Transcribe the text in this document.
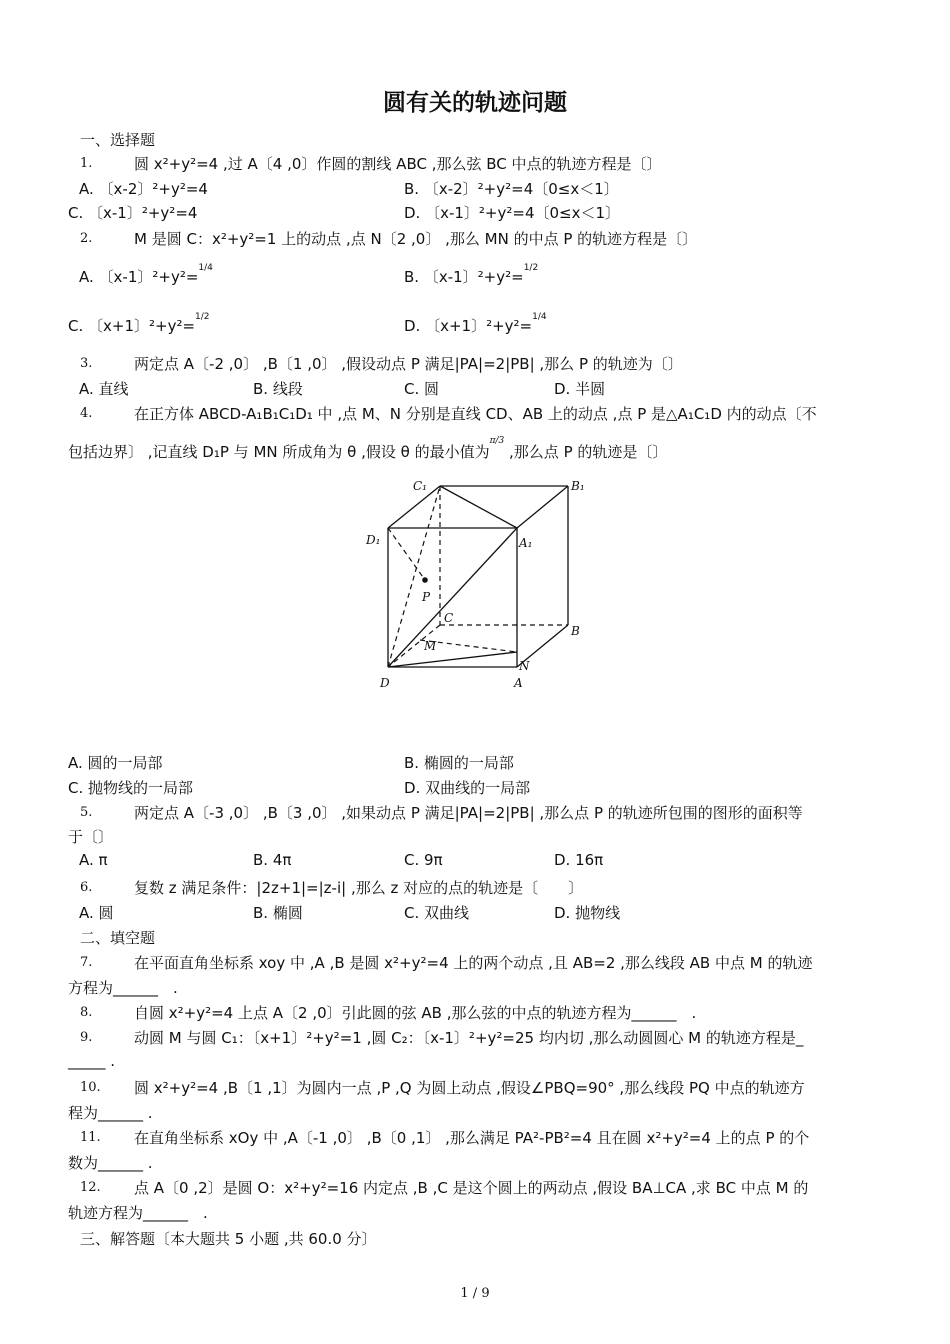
圆有关的轨迹问题
一、选择题
1.	圆 x²+y²=4 ,过 A〔4 ,0〕作圆的割线 ABC ,那么弦 BC 中点的轨迹方程是〔〕
A. 〔x-2〕²+y²=4	B. 〔x-2〕²+y²=4〔0≤x＜1〕
C. 〔x-1〕²+y²=4	D. 〔x-1〕²+y²=4〔0≤x＜1〕
2.	M 是圆 C：x²+y²=1 上的动点 ,点 N〔2 ,0〕 ,那么 MN 的中点 P 的轨迹方程是〔〕
A. 〔x-1〕²+y²=$^{1/4}$	B. 〔x-1〕²+y²=$^{1/2}$
C. 〔x+1〕²+y²=$^{1/2}$	D. 〔x+1〕²+y²=$^{1/4}$
3.	两定点 A〔-2 ,0〕 ,B〔1 ,0〕 ,假设动点 P 满足|PA|=2|PB| ,那么 P 的轨迹为〔〕
A. 直线	B. 线段	C. 圆	D. 半圆
4.	在正方体 ABCD-A₁B₁C₁D₁ 中 ,点 M、N 分别是直线 CD、AB 上的动点 ,点 P 是△A₁C₁D 内的动点〔不
包括边界〕 ,记直线 D₁P 与 MN 所成角为 θ ,假设 θ 的最小值为$^{\pi/3}$ ,那么点 P 的轨迹是〔〕
C₁	B₁
D₁	A₁
P
C
B
M
N
D	A
A. 圆的一局部	B. 椭圆的一局部
C. 抛物线的一局部	D. 双曲线的一局部
5.	两定点 A〔-3 ,0〕 ,B〔3 ,0〕 ,如果动点 P 满足|PA|=2|PB| ,那么点 P 的轨迹所包围的图形的面积等
于〔〕
A. π	B. 4π	C. 9π	D. 16π
6.	复数 z 满足条件：|2z+1|=|z-i| ,那么 z 对应的点的轨迹是〔　　〕
A. 圆	B. 椭圆	C. 双曲线	D. 抛物线
二、填空题
7.	在平面直角坐标系 xoy 中 ,A ,B 是圆 x²+y²=4 上的两个动点 ,且 AB=2 ,那么线段 AB 中点 M 的轨迹
方程为______　.
8.	自圆 x²+y²=4 上点 A〔2 ,0〕引此圆的弦 AB ,那么弦的中点的轨迹方程为______　.
9.	动圆 M 与圆 C₁：〔x+1〕²+y²=1 ,圆 C₂：〔x-1〕²+y²=25 均内切 ,那么动圆圆心 M 的轨迹方程是_
_____ .
10. 圆 x²+y²=4 ,B〔1 ,1〕为圆内一点 ,P ,Q 为圆上动点 ,假设∠PBQ=90° ,那么线段 PQ 中点的轨迹方
程为______ .
11. 在直角坐标系 xOy 中 ,A〔-1 ,0〕 ,B〔0 ,1〕 ,那么满足 PA²-PB²=4 且在圆 x²+y²=4 上的点 P 的个
数为______ .
12. 点 A〔0 ,2〕是圆 O：x²+y²=16 内定点 ,B ,C 是这个圆上的两动点 ,假设 BA⊥CA ,求 BC 中点 M 的
轨迹方程为______　.
三、解答题〔本大题共 5 小题 ,共 60.0 分〕
1 / 9
